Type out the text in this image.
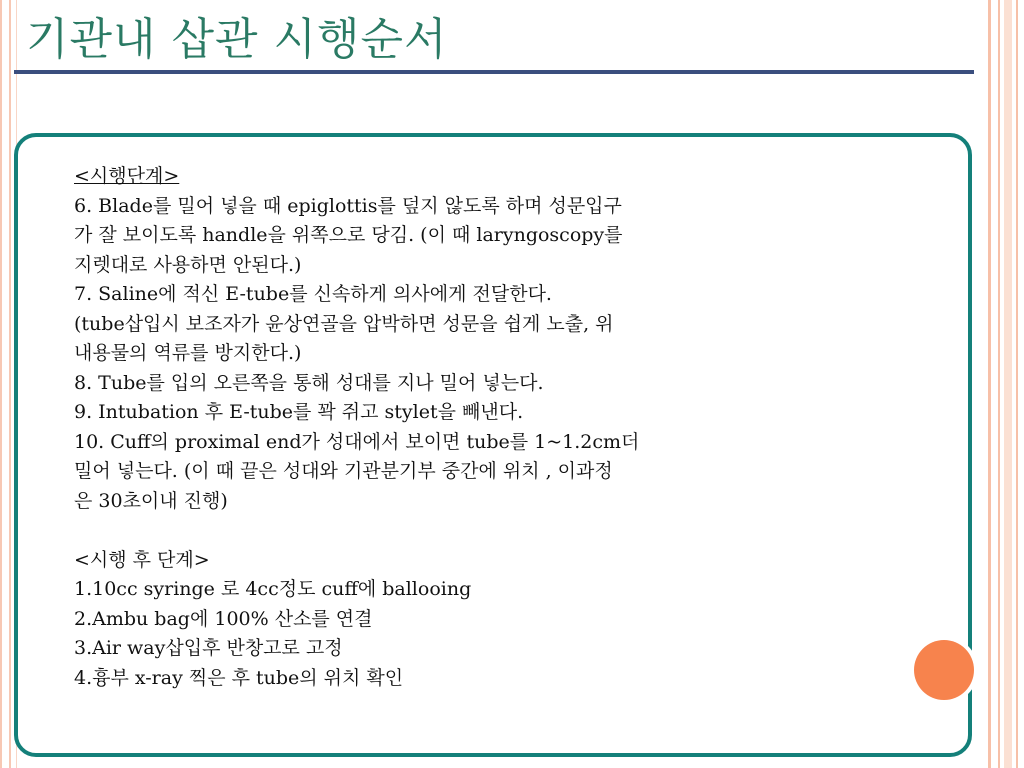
기관내 삽관 시행순서
<시행단계>
6. Blade를 밀어 넣을 때 epiglottis를 덮지 않도록 하며 성문입구
가 잘 보이도록 handle을 위쪽으로 당김. (이 때 laryngoscopy를
지렛대로 사용하면 안된다.)
7. Saline에 적신 E-tube를 신속하게 의사에게 전달한다.
(tube삽입시 보조자가 윤상연골을 압박하면 성문을 쉽게 노출, 위
내용물의 역류를 방지한다.)
8. Tube를 입의 오른쪽을 통해 성대를 지나 밀어 넣는다.
9. Intubation 후 E-tube를 꽉 쥐고 stylet을 빼낸다.
10. Cuff의 proximal end가 성대에서 보이면 tube를 1~1.2cm더
밀어 넣는다. (이 때 끝은 성대와 기관분기부 중간에 위치 , 이과정
은 30초이내 진행)
<시행 후 단계>
1.10cc syringe 로 4cc정도 cuff에 ballooing
2.Ambu bag에 100% 산소를 연결
3.Air way삽입후 반창고로 고정
4.흉부 x-ray 찍은 후 tube의 위치 확인
